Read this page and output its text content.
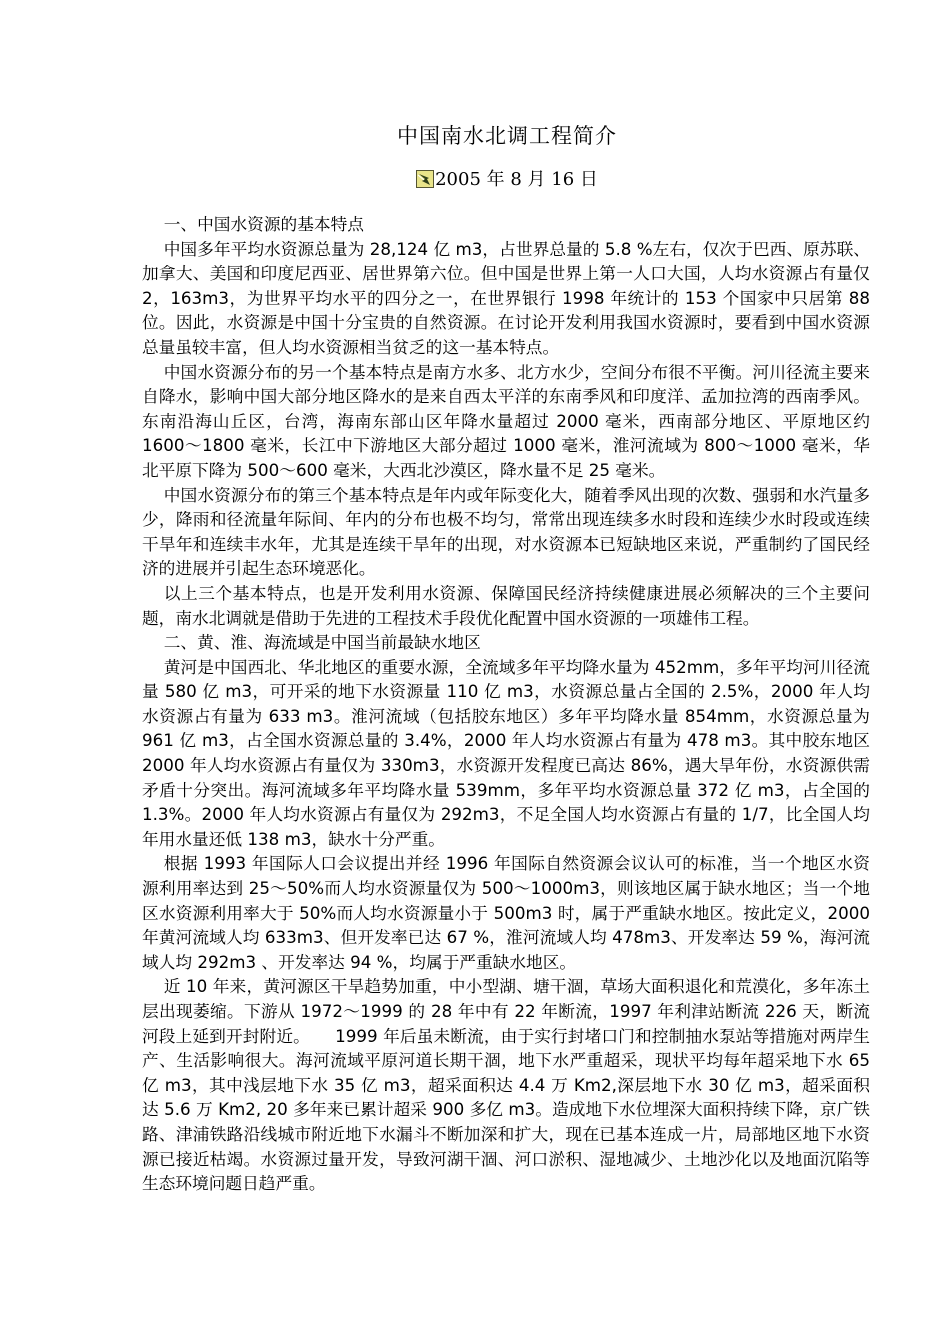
中国南水北调工程简介
2005 年 8 月 16 日

一、中国水资源的基本特点

中国多年平均水资源总量为 28,124 亿 m3，占世界总量的 5.8 %左右，仅次于巴西、原苏联、加拿大、美国和印度尼西亚、居世界第六位。但中国是世界上第一人口大国，人均水资源占有量仅 2，163m3，为世界平均水平的四分之一，在世界银行 1998 年统计的 153 个国家中只居第 88 位。因此，水资源是中国十分宝贵的自然资源。在讨论开发利用我国水资源时，要看到中国水资源总量虽较丰富，但人均水资源相当贫乏的这一基本特点。

中国水资源分布的另一个基本特点是南方水多、北方水少，空间分布很不平衡。河川径流主要来自降水，影响中国大部分地区降水的是来自西太平洋的东南季风和印度洋、孟加拉湾的西南季风。东南沿海山丘区，台湾，海南东部山区年降水量超过 2000 毫米，西南部分地区、平原地区约 1600～1800 毫米，长江中下游地区大部分超过 1000 毫米，淮河流域为 800～1000 毫米，华北平原下降为 500～600 毫米，大西北沙漠区，降水量不足 25 毫米。

中国水资源分布的第三个基本特点是年内或年际变化大，随着季风出现的次数、强弱和水汽量多少，降雨和径流量年际间、年内的分布也极不均匀，常常出现连续多水时段和连续少水时段或连续干旱年和连续丰水年，尤其是连续干旱年的出现，对水资源本已短缺地区来说，严重制约了国民经济的进展并引起生态环境恶化。

以上三个基本特点，也是开发利用水资源、保障国民经济持续健康进展必须解决的三个主要问题，南水北调就是借助于先进的工程技术手段优化配置中国水资源的一项雄伟工程。

二、黄、淮、海流域是中国当前最缺水地区

黄河是中国西北、华北地区的重要水源，全流域多年平均降水量为 452mm，多年平均河川径流量 580 亿 m3，可开采的地下水资源量 110 亿 m3，水资源总量占全国的 2.5%，2000 年人均水资源占有量为 633 m3。淮河流域（包括胶东地区）多年平均降水量 854mm，水资源总量为 961 亿 m3，占全国水资源总量的 3.4%，2000 年人均水资源占有量为 478 m3。其中胶东地区 2000 年人均水资源占有量仅为 330m3，水资源开发程度已高达 86%，遇大旱年份，水资源供需矛盾十分突出。海河流域多年平均降水量 539mm，多年平均水资源总量 372 亿 m3，占全国的 1.3%。2000 年人均水资源占有量仅为 292m3，不足全国人均水资源占有量的 1/7，比全国人均年用水量还低 138 m3，缺水十分严重。

根据 1993 年国际人口会议提出并经 1996 年国际自然资源会议认可的标准，当一个地区水资源利用率达到 25～50%而人均水资源量仅为 500～1000m3，则该地区属于缺水地区；当一个地区水资源利用率大于 50%而人均水资源量小于 500m3 时，属于严重缺水地区。按此定义，2000 年黄河流域人均 633m3、但开发率已达 67 %，淮河流域人均 478m3、开发率达 59 %，海河流域人均 292m3 、开发率达 94 %，均属于严重缺水地区。

近 10 年来，黄河源区干旱趋势加重，中小型湖、塘干涸，草场大面积退化和荒漠化，多年冻土层出现萎缩。下游从 1972～1999 的 28 年中有 22 年断流，1997 年利津站断流 226 天，断流河段上延到开封附近。　　1999 年后虽未断流，由于实行封堵口门和控制抽水泵站等措施对两岸生产、生活影响很大。海河流域平原河道长期干涸，地下水严重超采，现状平均每年超采地下水 65 亿 m3，其中浅层地下水 35 亿 m3，超采面积达 4.4 万 Km2,深层地下水 30 亿 m3，超采面积达 5.6 万 Km2, 20 多年来已累计超采 900 多亿 m3。造成地下水位埋深大面积持续下降，京广铁路、津浦铁路沿线城市附近地下水漏斗不断加深和扩大，现在已基本连成一片，局部地区地下水资源已接近枯竭。水资源过量开发，导致河湖干涸、河口淤积、湿地减少、土地沙化以及地面沉陷等生态环境问题日趋严重。
